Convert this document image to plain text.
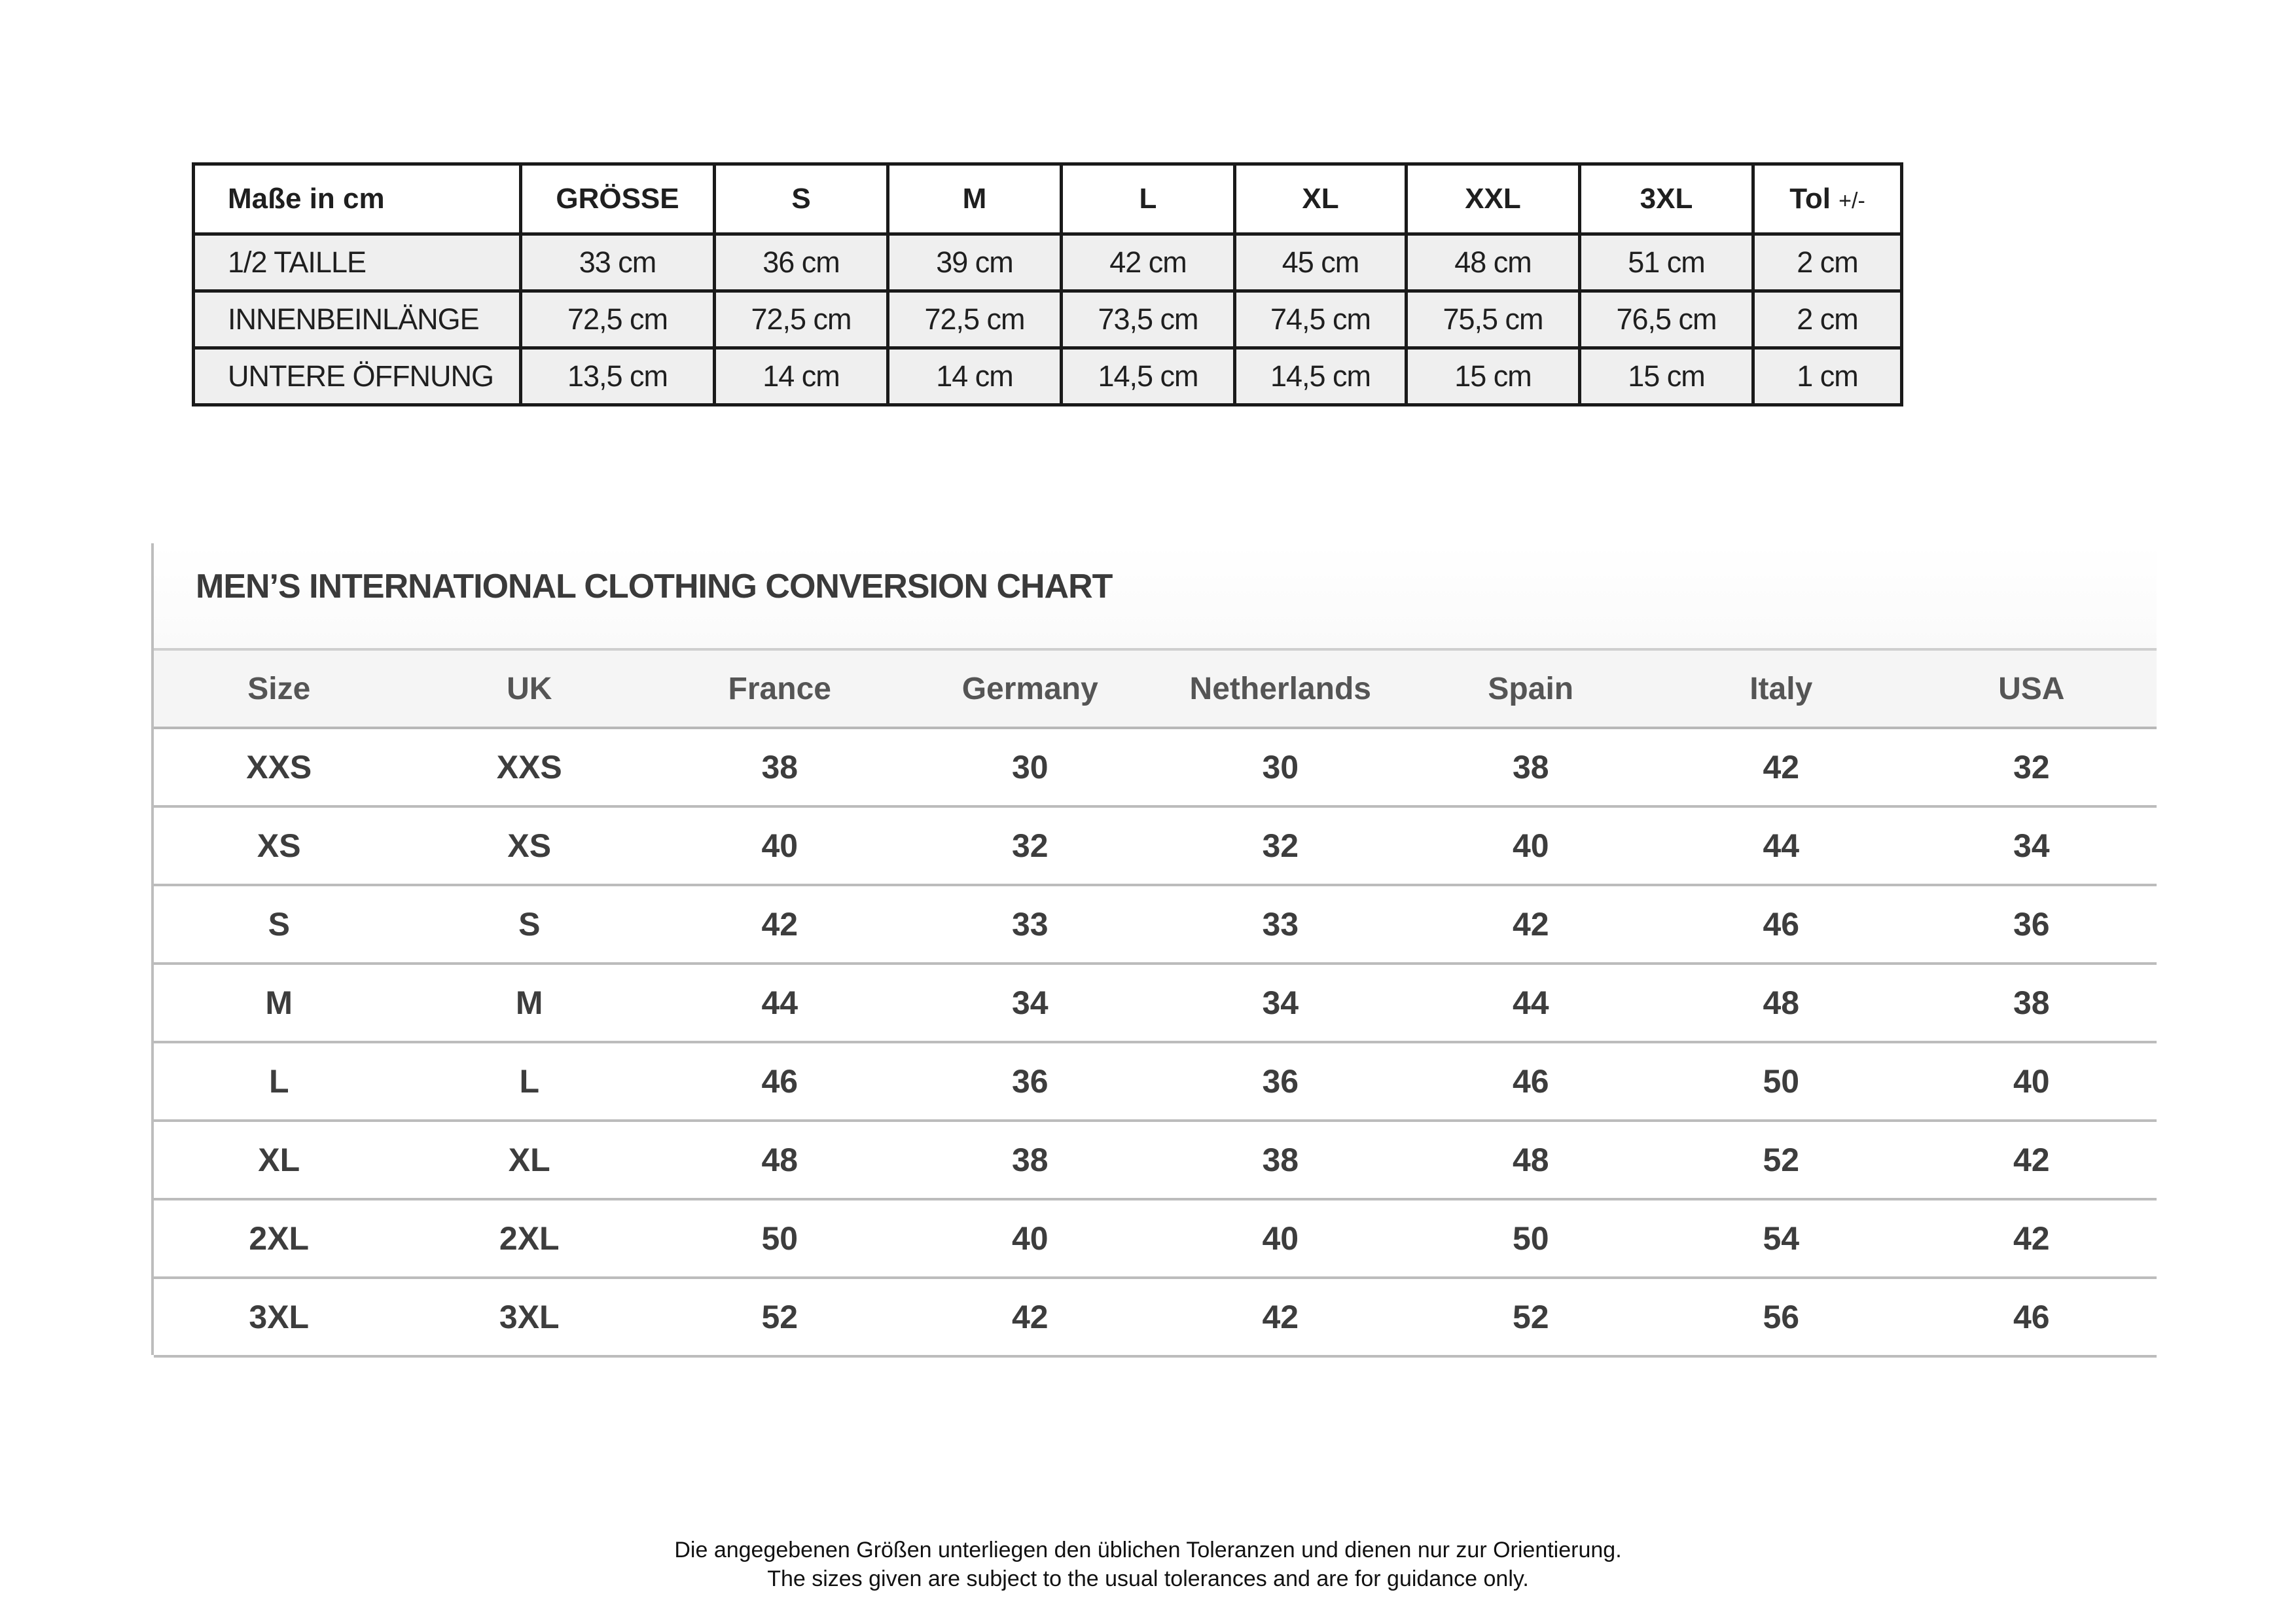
Maße in cm	GRÖSSE	S	M	L	XL	XXL	3XL	Tol +/-
1/2 TAILLE	33 cm	36 cm	39 cm	42 cm	45 cm	48 cm	51 cm	2 cm
INNENBEINLÄNGE	72,5 cm	72,5 cm	72,5 cm	73,5 cm	74,5 cm	75,5 cm	76,5 cm	2 cm
UNTERE ÖFFNUNG	13,5 cm	14 cm	14 cm	14,5 cm	14,5 cm	15 cm	15 cm	1 cm
MEN’S INTERNATIONAL CLOTHING CONVERSION CHART
Size	UK	France	Germany	Netherlands	Spain	Italy	USA
XXS	XXS	38	30	30	38	42	32
XS	XS	40	32	32	40	44	34
S	S	42	33	33	42	46	36
M	M	44	34	34	44	48	38
L	L	46	36	36	46	50	40
XL	XL	48	38	38	48	52	42
2XL	2XL	50	40	40	50	54	42
3XL	3XL	52	42	42	52	56	46

Die angegebenen Größen unterliegen den üblichen Toleranzen und dienen nur zur Orientierung.

The sizes given are subject to the usual tolerances and are for guidance only.
